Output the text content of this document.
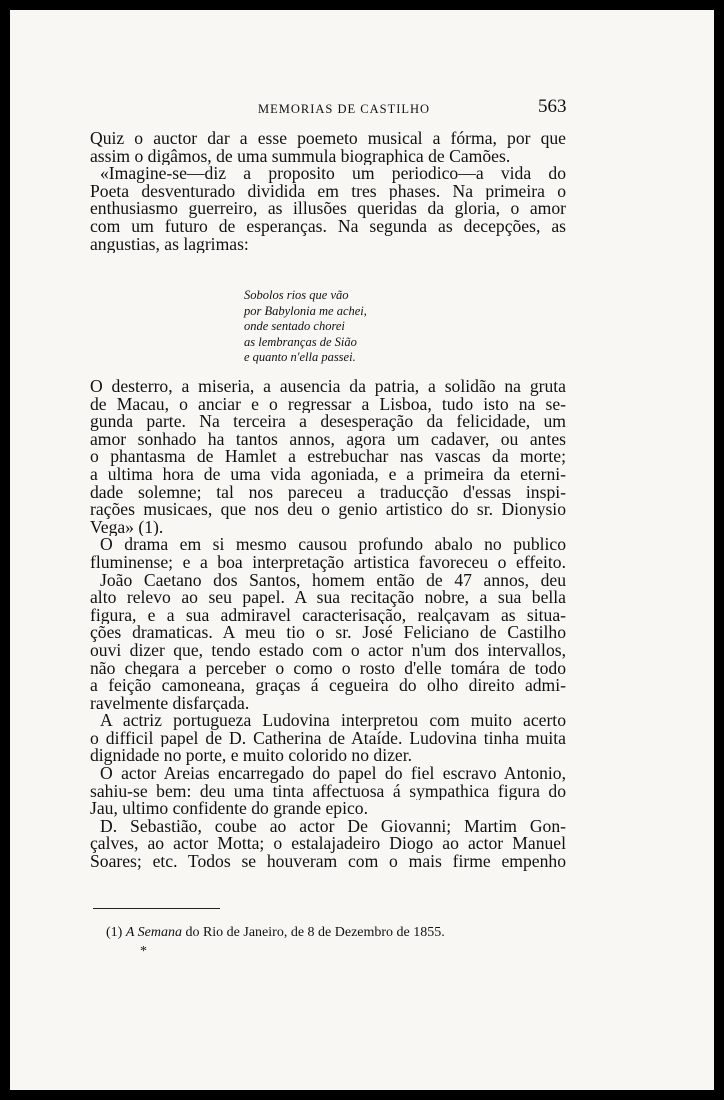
MEMORIAS DE CASTILHO	563
Quiz o auctor dar a esse poemeto musical a fórma, por que
assim o digâmos, de uma summula biographica de Camões.
«Imagine-se—diz a proposito um periodico—a vida do
Poeta desventurado dividida em tres phases. Na primeira o
enthusiasmo guerreiro, as illusões queridas da gloria, o amor
com um futuro de esperanças. Na segunda as decepções, as
angustias, as lagrimas:
Sobolos rios que vão
por Babylonia me achei,
onde sentado chorei
as lembranças de Sião
e quanto n'ella passei.
O desterro, a miseria, a ausencia da patria, a solidão na gruta
de Macau, o anciar e o regressar a Lisboa, tudo isto na se-
gunda parte. Na terceira a desesperação da felicidade, um
amor sonhado ha tantos annos, agora um cadaver, ou antes
o phantasma de Hamlet a estrebuchar nas vascas da morte;
a ultima hora de uma vida agoniada, e a primeira da eterni-
dade solemne; tal nos pareceu a traducção d'essas inspi-
rações musicaes, que nos deu o genio artistico do sr. Dionysio
Vega» (1).
O drama em si mesmo causou profundo abalo no publico
fluminense; e a boa interpretação artistica favoreceu o effeito.
João Caetano dos Santos, homem então de 47 annos, deu
alto relevo ao seu papel. A sua recitação nobre, a sua bella
figura, e a sua admiravel caracterisação, realçavam as situa-
ções dramaticas. A meu tio o sr. José Feliciano de Castilho
ouvi dizer que, tendo estado com o actor n'um dos intervallos,
não chegara a perceber o como o rosto d'elle tomára de todo
a feição camoneana, graças á cegueira do olho direito admi-
ravelmente disfarçada.
A actriz portugueza Ludovina interpretou com muito acerto
o difficil papel de D. Catherina de Ataíde. Ludovina tinha muita
dignidade no porte, e muito colorido no dizer.
O actor Areias encarregado do papel do fiel escravo Antonio,
sahiu-se bem: deu uma tinta affectuosa á sympathica figura do
Jau, ultimo confidente do grande epico.
D. Sebastião, coube ao actor De Giovanni; Martim Gon-
çalves, ao actor Motta; o estalajadeiro Diogo ao actor Manuel
Soares; etc. Todos se houveram com o mais firme empenho
(1) A Semana do Rio de Janeiro, de 8 de Dezembro de 1855.
*
